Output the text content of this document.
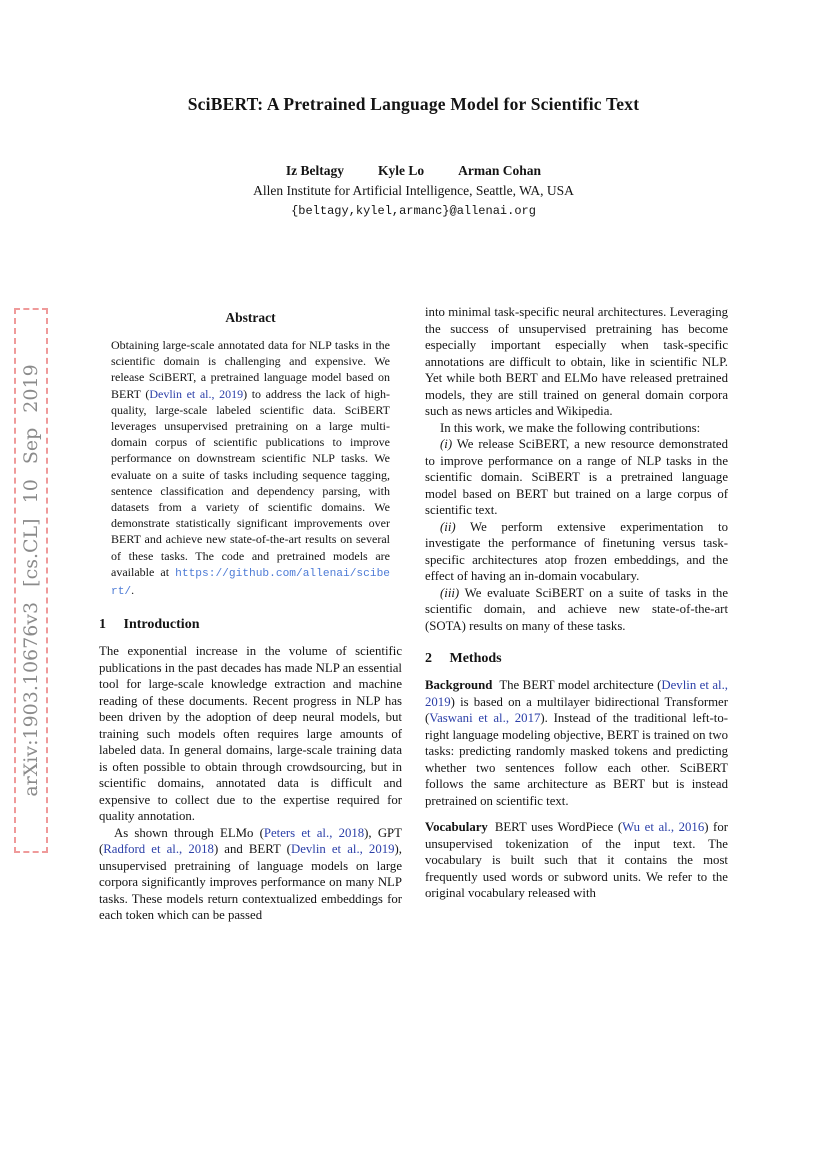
arXiv:1903.10676v3 [cs.CL] 10 Sep 2019
SciBERT: A Pretrained Language Model for Scientific Text
Iz Beltagy	Kyle Lo	Arman Cohan
Allen Institute for Artificial Intelligence, Seattle, WA, USA
{beltagy,kylel,armanc}@allenai.org
Abstract

Obtaining large-scale annotated data for NLP tasks in the scientific domain is challenging and expensive. We release SciBERT, a pretrained language model based on BERT (Devlin et al., 2019) to address the lack of high-quality, large-scale labeled scientific data. SciBERT leverages unsupervised pretraining on a large multi-domain corpus of scientific publications to improve performance on downstream scientific NLP tasks. We evaluate on a suite of tasks including sequence tagging, sentence classification and dependency parsing, with datasets from a variety of scientific domains. We demonstrate statistically significant improvements over BERT and achieve new state-of-the-art results on several of these tasks. The code and pretrained models are available at https://github.com/allenai/scibert/.

1 Introduction

The exponential increase in the volume of scientific publications in the past decades has made NLP an essential tool for large-scale knowledge extraction and machine reading of these documents. Recent progress in NLP has been driven by the adoption of deep neural models, but training such models often requires large amounts of labeled data. In general domains, large-scale training data is often possible to obtain through crowdsourcing, but in scientific domains, annotated data is difficult and expensive to collect due to the expertise required for quality annotation.

As shown through ELMo (Peters et al., 2018), GPT (Radford et al., 2018) and BERT (Devlin et al., 2019), unsupervised pretraining of language models on large corpora significantly improves performance on many NLP tasks. These models return contextualized embeddings for each token which can be passed

into minimal task-specific neural architectures. Leveraging the success of unsupervised pretraining has become especially important especially when task-specific annotations are difficult to obtain, like in scientific NLP. Yet while both BERT and ELMo have released pretrained models, they are still trained on general domain corpora such as news articles and Wikipedia.

In this work, we make the following contributions:

(i) We release SciBERT, a new resource demonstrated to improve performance on a range of NLP tasks in the scientific domain. SciBERT is a pretrained language model based on BERT but trained on a large corpus of scientific text.

(ii) We perform extensive experimentation to investigate the performance of finetuning versus task-specific architectures atop frozen embeddings, and the effect of having an in-domain vocabulary.

(iii) We evaluate SciBERT on a suite of tasks in the scientific domain, and achieve new state-of-the-art (SOTA) results on many of these tasks.

2 Methods

Background The BERT model architecture (Devlin et al., 2019) is based on a multilayer bidirectional Transformer (Vaswani et al., 2017). Instead of the traditional left-to-right language modeling objective, BERT is trained on two tasks: predicting randomly masked tokens and predicting whether two sentences follow each other. SciBERT follows the same architecture as BERT but is instead pretrained on scientific text.

Vocabulary BERT uses WordPiece (Wu et al., 2016) for unsupervised tokenization of the input text. The vocabulary is built such that it contains the most frequently used words or subword units. We refer to the original vocabulary released with
